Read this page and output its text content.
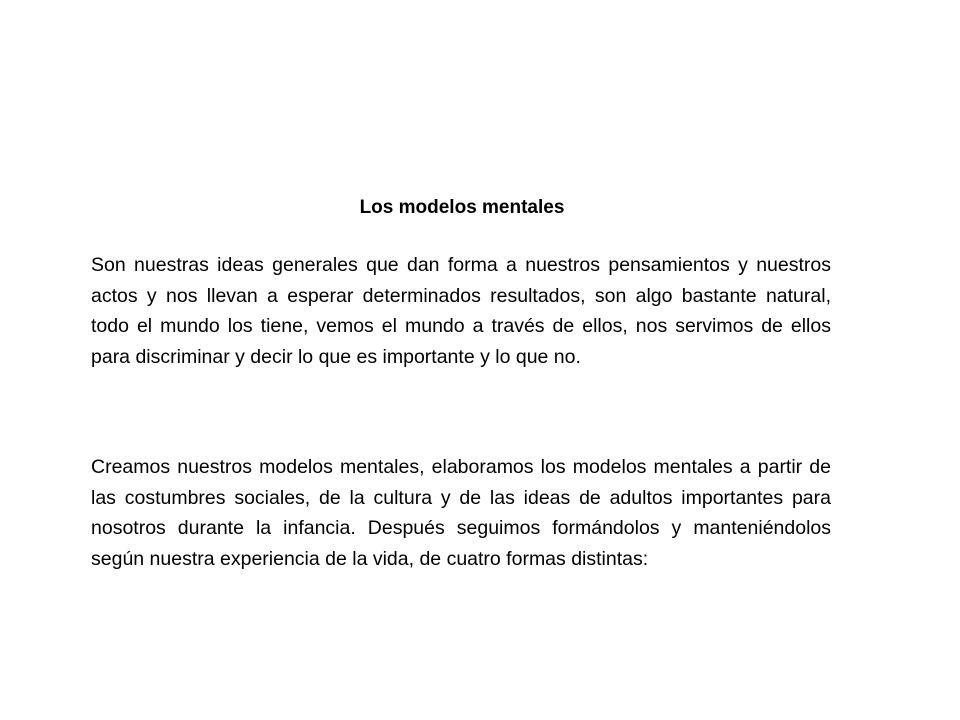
Los modelos mentales

Son nuestras ideas generales que dan forma a nuestros pensamientos y nuestros actos y nos llevan a esperar determinados resultados, son algo bastante natural, todo el mundo los tiene, vemos el mundo a través de ellos, nos servimos de ellos para discriminar y decir lo que es importante y lo que no.

Creamos nuestros modelos mentales, elaboramos los modelos mentales a partir de las costumbres sociales, de la cultura y de las ideas de adultos importantes para nosotros durante la infancia. Después seguimos formándolos y manteniéndolos según nuestra experiencia de la vida, de cuatro formas distintas:
